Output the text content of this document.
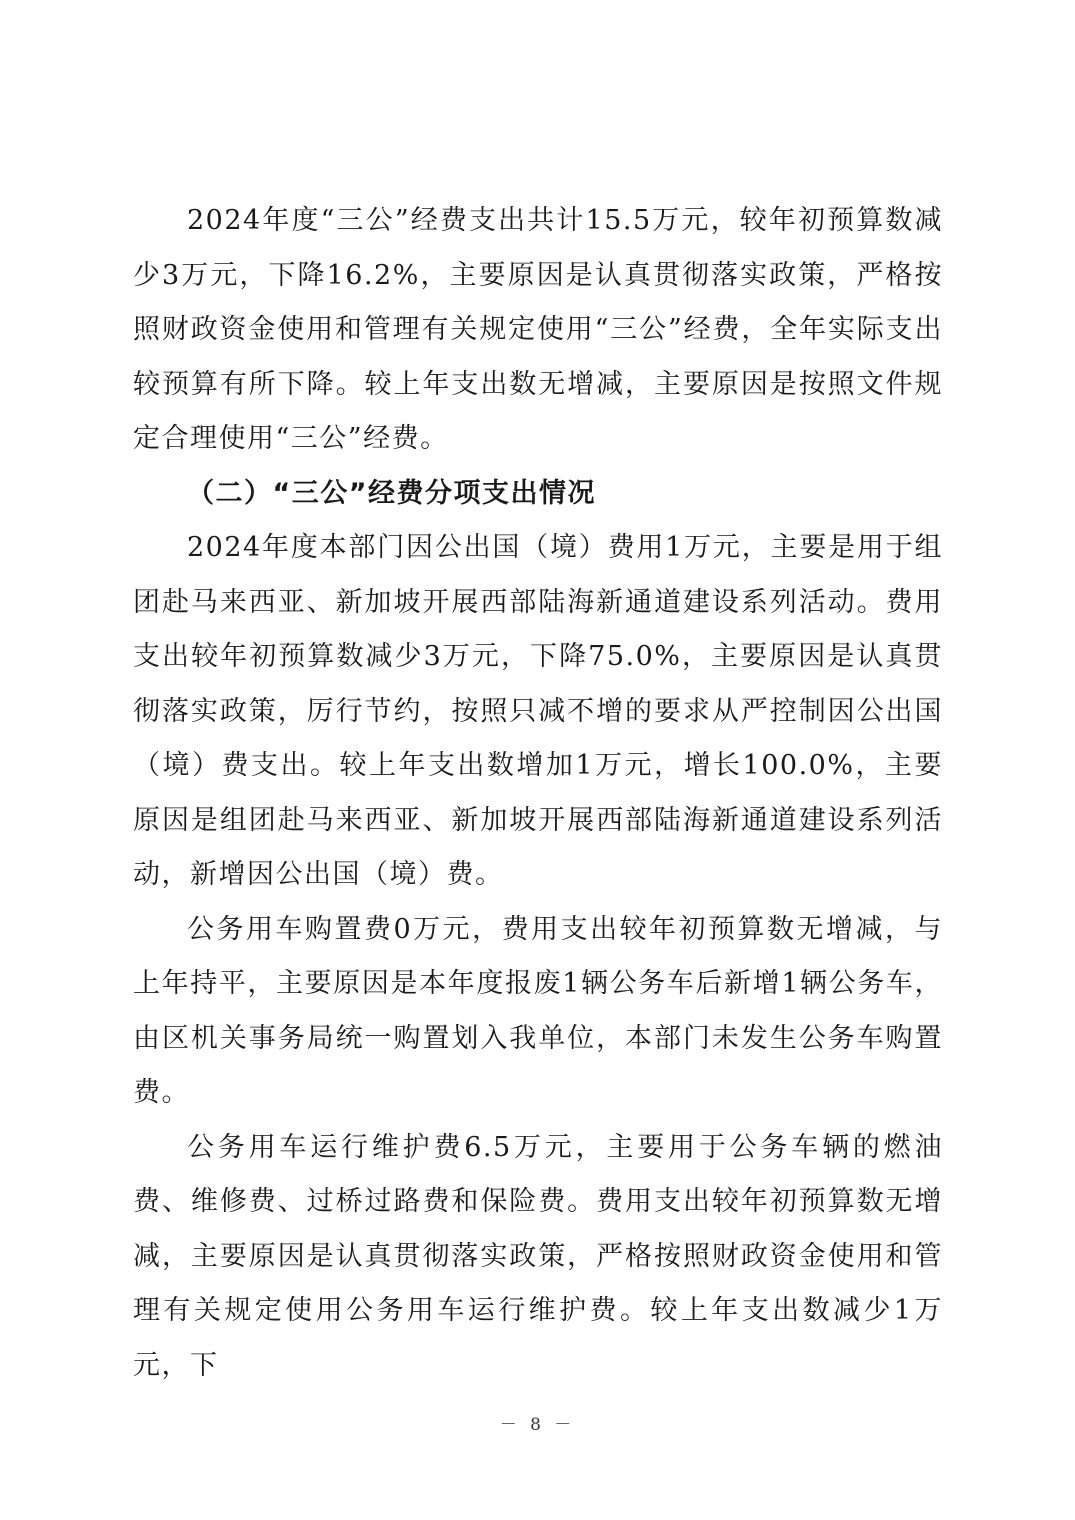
2024年度“三公”经费支出共计15.5万元，较年初预算数减少3万元，下降16.2%，主要原因是认真贯彻落实政策，严格按照财政资金使用和管理有关规定使用“三公”经费，全年实际支出较预算有所下降。较上年支出数无增减，主要原因是按照文件规定合理使用“三公”经费。

（二）“三公”经费分项支出情况

2024年度本部门因公出国（境）费用1万元，主要是用于组团赴马来西亚、新加坡开展西部陆海新通道建设系列活动。费用支出较年初预算数减少3万元，下降75.0%，主要原因是认真贯彻落实政策，厉行节约，按照只减不增的要求从严控制因公出国（境）费支出。较上年支出数增加1万元，增长100.0%，主要原因是组团赴马来西亚、新加坡开展西部陆海新通道建设系列活动，新增因公出国（境）费。

公务用车购置费0万元，费用支出较年初预算数无增减，与上年持平，主要原因是本年度报废1辆公务车后新增1辆公务车，由区机关事务局统一购置划入我单位，本部门未发生公务车购置费。

公务用车运行维护费6.5万元，主要用于公务车辆的燃油费、维修费、过桥过路费和保险费。费用支出较年初预算数无增减，主要原因是认真贯彻落实政策，严格按照财政资金使用和管理有关规定使用公务用车运行维护费。较上年支出数减少1万元，下

－ 8 －
